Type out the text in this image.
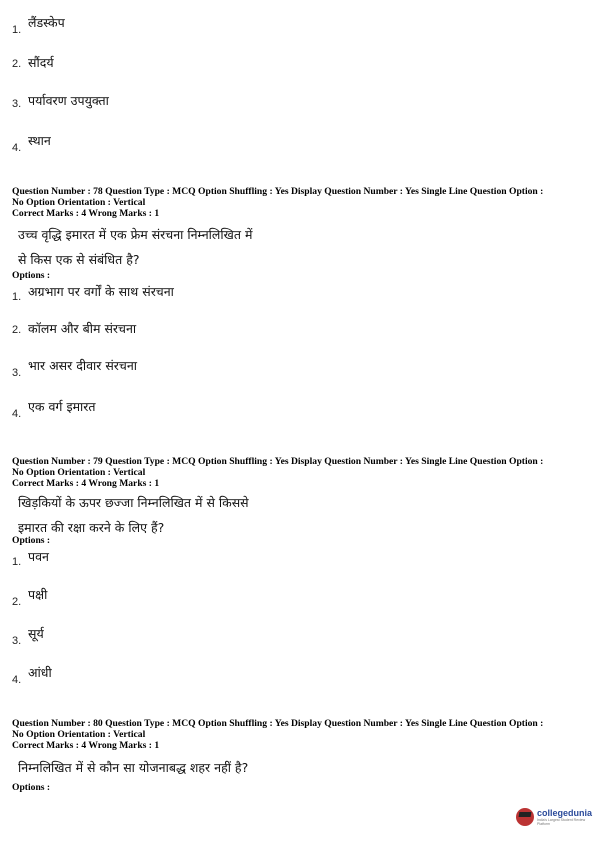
1. लैंडस्केप
2. सौंदर्य
3. पर्यावरण उपयुक्ता
4. स्थान
Question Number : 78 Question Type : MCQ Option Shuffling : Yes Display Question Number : Yes Single Line Question Option :
No Option Orientation : Vertical
Correct Marks : 4 Wrong Marks : 1
उच्च वृद्धि इमारत में एक फ्रेम संरचना निम्नलिखित में
से किस एक से संबंधित है?
Options :
1. अग्रभाग पर वर्गों के साथ संरचना
2. कॉलम और बीम संरचना
3. भार असर दीवार संरचना
4. एक वर्ग इमारत
Question Number : 79 Question Type : MCQ Option Shuffling : Yes Display Question Number : Yes Single Line Question Option :
No Option Orientation : Vertical
Correct Marks : 4 Wrong Marks : 1
खिड़कियों के ऊपर छज्जा निम्नलिखित में से किससे
इमारत की रक्षा करने के लिए हैं?
Options :
1. पवन
2. पक्षी
3. सूर्य
4. आंधी
Question Number : 80 Question Type : MCQ Option Shuffling : Yes Display Question Number : Yes Single Line Question Option :
No Option Orientation : Vertical
Correct Marks : 4 Wrong Marks : 1
निम्नलिखित में से कौन सा योजनाबद्ध शहर नहीं है?
Options :
collegedunia
India's Largest Student Review Platform
